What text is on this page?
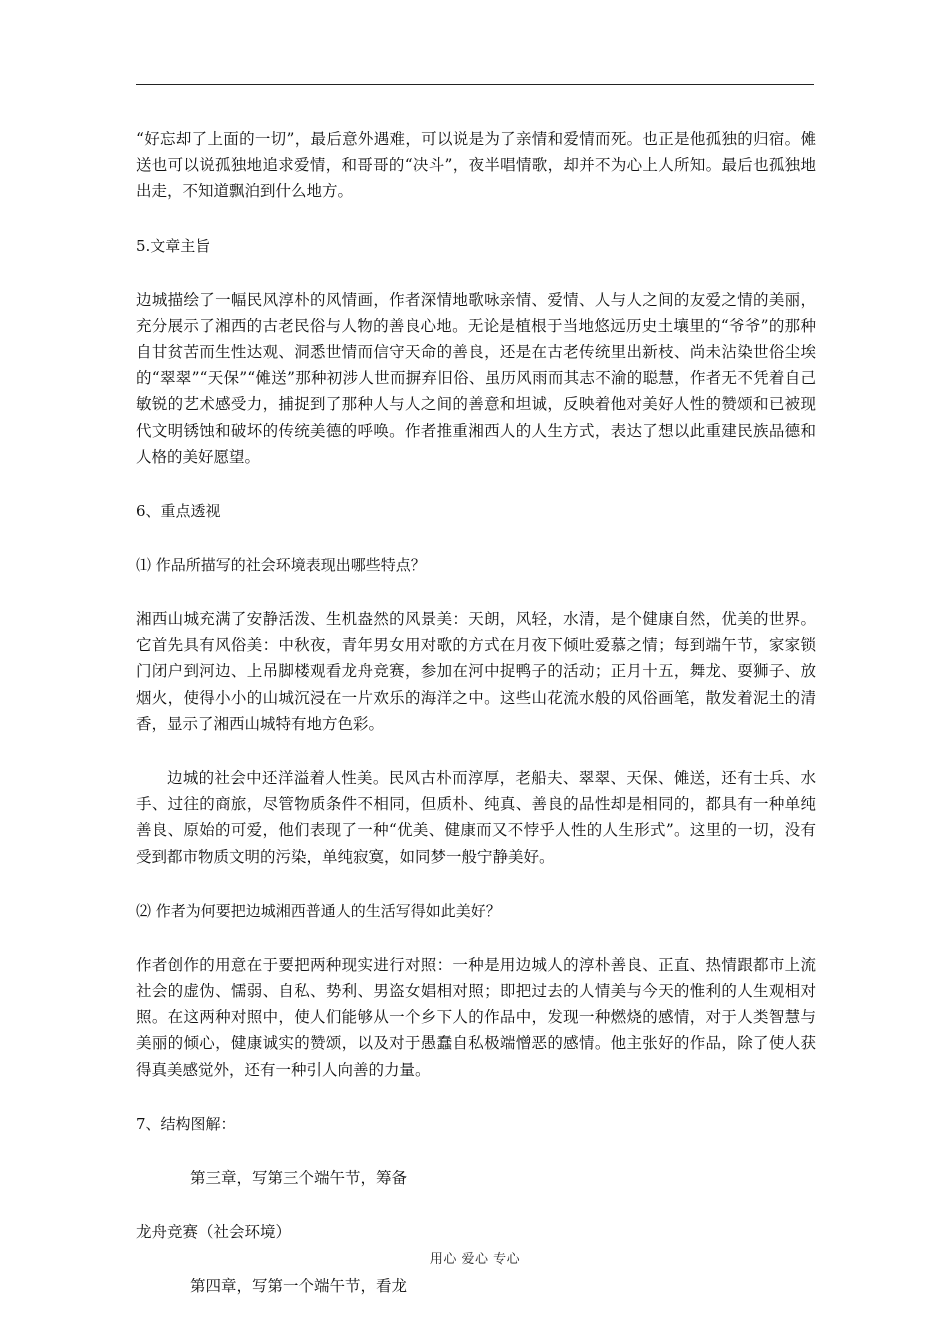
“好忘却了上面的一切”，最后意外遇难，可以说是为了亲情和爱情而死。也正是他孤独的归宿。傩送也可以说孤独地追求爱情，和哥哥的“决斗”，夜半唱情歌，却并不为心上人所知。最后也孤独地出走，不知道飘泊到什么地方。

5.文章主旨

边城描绘了一幅民风淳朴的风情画，作者深情地歌咏亲情、爱情、人与人之间的友爱之情的美丽，充分展示了湘西的古老民俗与人物的善良心地。无论是植根于当地悠远历史土壤里的“爷爷”的那种自甘贫苦而生性达观、洞悉世情而信守天命的善良，还是在古老传统里出新枝、尚未沾染世俗尘埃的“翠翠”“天保”“傩送”那种初涉人世而摒弃旧俗、虽历风雨而其志不渝的聪慧，作者无不凭着自己敏锐的艺术感受力，捕捉到了那种人与人之间的善意和坦诚，反映着他对美好人性的赞颂和已被现代文明锈蚀和破坏的传统美德的呼唤。作者推重湘西人的人生方式，表达了想以此重建民族品德和人格的美好愿望。

6、重点透视

⑴ 作品所描写的社会环境表现出哪些特点？

湘西山城充满了安静活泼、生机盎然的风景美：天朗，风轻，水清，是个健康自然，优美的世界。它首先具有风俗美：中秋夜，青年男女用对歌的方式在月夜下倾吐爱慕之情；每到端午节，家家锁门闭户到河边、上吊脚楼观看龙舟竞赛，参加在河中捉鸭子的活动；正月十五，舞龙、耍狮子、放烟火，使得小小的山城沉浸在一片欢乐的海洋之中。这些山花流水般的风俗画笔，散发着泥土的清香，显示了湘西山城特有地方色彩。

边城的社会中还洋溢着人性美。民风古朴而淳厚，老船夫、翠翠、天保、傩送，还有士兵、水手、过往的商旅，尽管物质条件不相同，但质朴、纯真、善良的品性却是相同的，都具有一种单纯善良、原始的可爱，他们表现了一种“优美、健康而又不悖乎人性的人生形式”。这里的一切，没有受到都市物质文明的污染，单纯寂寞，如同梦一般宁静美好。

⑵ 作者为何要把边城湘西普通人的生活写得如此美好？

作者创作的用意在于要把两种现实进行对照：一种是用边城人的淳朴善良、正直、热情跟都市上流社会的虚伪、懦弱、自私、势利、男盗女娼相对照；即把过去的人情美与今天的惟利的人生观相对照。在这两种对照中，使人们能够从一个乡下人的作品中，发现一种燃烧的感情，对于人类智慧与美丽的倾心，健康诚实的赞颂，以及对于愚蠢自私极端憎恶的感情。他主张好的作品，除了使人获得真美感觉外，还有一种引人向善的力量。

7、结构图解：

第三章，写第三个端午节，筹备

龙舟竞赛（社会环境）

第四章，写第一个端午节，看龙

用心 爱心 专心
